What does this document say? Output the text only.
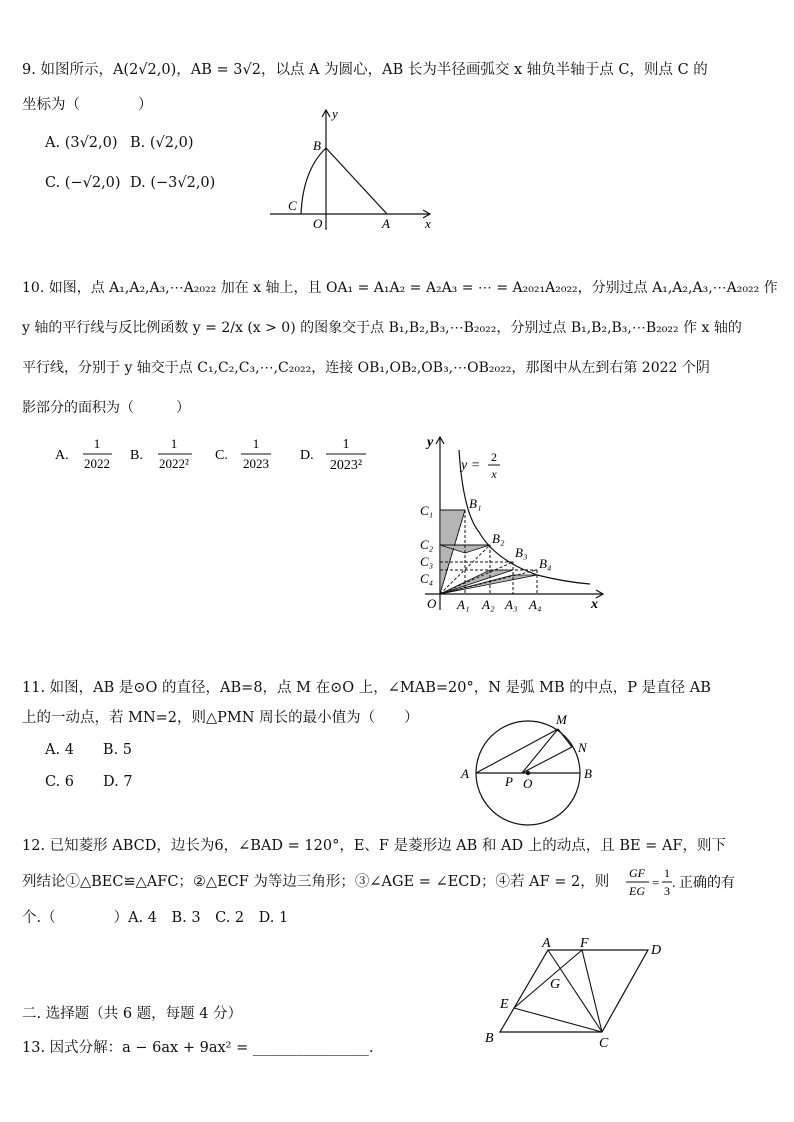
9. 如图所示，A(2√2,0)，AB = 3√2，以点 A 为圆心，AB 长为半径画弧交 x 轴负半轴于点 C，则点 C 的
坐标为（　　　　）
A. (3√2,0) B. (√2,0)
C. (−√2,0) D. (−3√2,0)
y
x
B
C
O	A
10. 如图，点 A₁,A₂,A₃,⋯A₂₀₂₂ 加在 x 轴上，且 OA₁ = A₁A₂ = A₂A₃ = ⋯ = A₂₀₂₁A₂₀₂₂，分别过点 A₁,A₂,A₃,⋯A₂₀₂₂ 作
y 轴的平行线与反比例函数 y = 2/x (x > 0) 的图象交于点 B₁,B₂,B₃,⋯B₂₀₂₂，分别过点 B₁,B₂,B₃,⋯B₂₀₂₂ 作 x 轴的
平行线，分别于 y 轴交于点 C₁,C₂,C₃,⋯,C₂₀₂₂，连接 OB₁,OB₂,OB₃,⋯OB₂₀₂₂，那图中从左到右第 2022 个阴
影部分的面积为（　　　）
A.
1
2022
B.
1
2022²
C.
1
2023
D.
1
2023²	y =
2
x
y
x
C₁
C₂
C₃
C₄
B₁
B₂
B₃
B₄
O A₁ A₂ A₃ A₄
11. 如图，AB 是⊙O 的直径，AB=8，点 M 在⊙O 上，∠MAB=20°，N 是弧 MB 的中点，P 是直径 AB
上的一动点，若 MN=2，则△PMN 周长的最小值为（　　）
A. 4　　B. 5
C. 6　　D. 7
M
N
A
P O
B
12. 已知菱形 ABCD，边长为6，∠BAD = 120°，E、F 是菱形边 AB 和 AD 上的动点，且 BE = AF，则下
列结论①△BEC≌△AFC；②△ECF 为等边三角形；③∠AGE = ∠ECD；④若 AF = 2，则
GF
EG
=
1
3 . 正确的有
个.（　　　　）A. 4　B. 3　C. 2　D. 1
A F	D
G
E
B	C
二. 选择题（共 6 题，每题 4 分）
13. 因式分解：a − 6ax + 9ax² = ________________.
